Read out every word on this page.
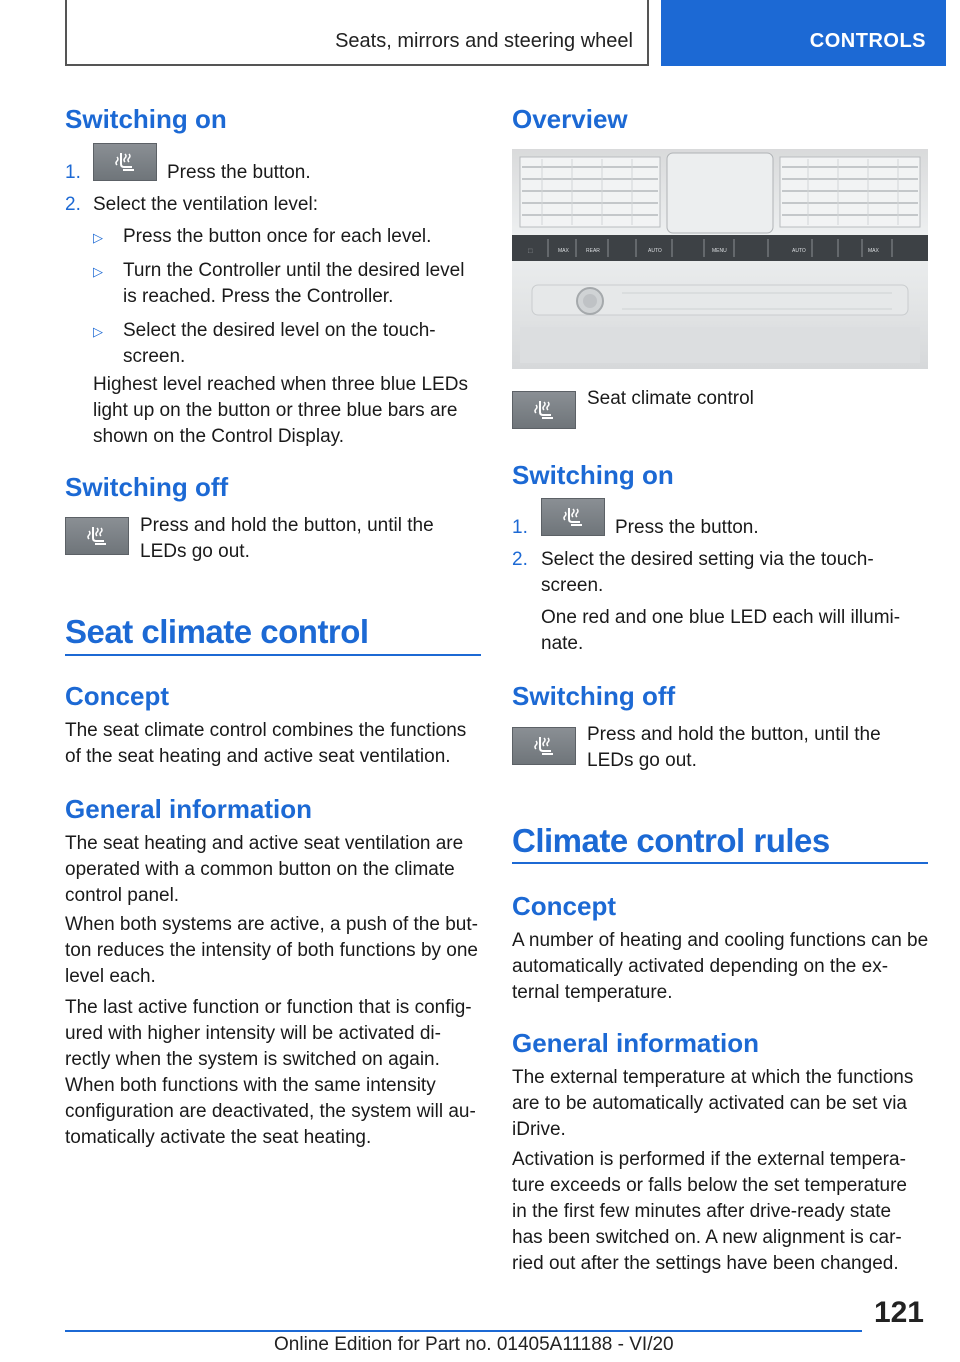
Seats, mirrors and steering wheel	CONTROLS
Switching on
1.	Press the button.
2. Select the ventilation level:
▷ Press the button once for each level.
▷ Turn the Controller until the desired level is reached. Press the Controller.
▷ Select the desired level on the touch-screen.
Highest level reached when three blue LEDs light up on the button or three blue bars are shown on the Control Display.
Switching off
Press and hold the button, until the LEDs go out.
Seat climate control
Concept
The seat climate control combines the functions of the seat heating and active seat ventilation.
General information
The seat heating and active seat ventilation are operated with a common button on the climate control panel.
When both systems are active, a push of the but-ton reduces the intensity of both functions by one level each.
The last active function or function that is config-ured with higher intensity will be activated di-rectly when the system is switched on again. When both functions with the same intensity configuration are deactivated, the system will au-tomatically activate the seat heating.
Overview
⬚	MAX	REAR	AUTO	MENU	AUTO	MAX
Seat climate control
Switching on
1.	Press the button.
2. Select the desired setting via the touch-screen.
One red and one blue LED each will illumi-nate.
Switching off
Press and hold the button, until the LEDs go out.
Climate control rules
Concept
A number of heating and cooling functions can be automatically activated depending on the ex-ternal temperature.
General information
The external temperature at which the functions are to be automatically activated can be set via iDrive.
Activation is performed if the external tempera-ture exceeds or falls below the set temperature in the first few minutes after drive-ready state has been switched on. A new alignment is car-ried out after the settings have been changed.
121
Online Edition for Part no. 01405A11188 - VI/20
